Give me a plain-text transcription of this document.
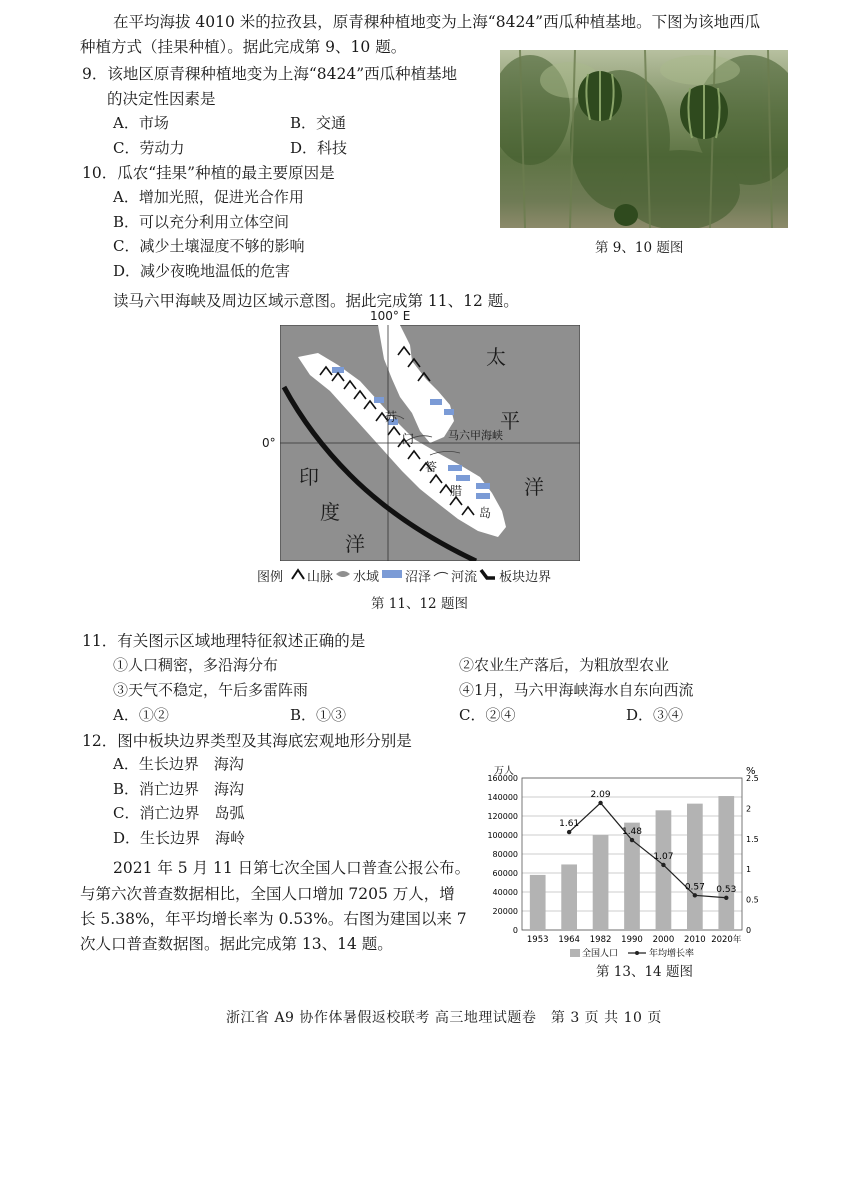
在平均海拔 4010 米的拉孜县，原青稞种植地变为上海“8424”西瓜种植基地。下图为该地西瓜
种植方式（挂果种植）。据此完成第 9、10 题。
9．该地区原青稞种植地变为上海“8424”西瓜种植基地
的决定性因素是
A．市场	B．交通
C．劳动力	D．科技
10．瓜农“挂果”种植的最主要原因是
A．增加光照，促进光合作用
B．可以充分利用立体空间
C．减少土壤湿度不够的影响
D．减少夜晚地温低的危害
第 9、10 题图
读马六甲海峡及周边区域示意图。据此完成第 11、12 题。
100° E
0°
太
平
洋
印
度
洋
苏
门
答
腊
岛
马六甲海峡
图例 山脉 水域 沼泽 河流 板块边界
第 11、12 题图
11．有关图示区域地理特征叙述正确的是
①人口稠密，多沿海分布	②农业生产落后，为粗放型农业
③天气不稳定，午后多雷阵雨	④1月，马六甲海峡海水自东向西流
A．①②	B．①③	C．②④	D．③④
12．图中板块边界类型及其海底宏观地形分别是
A．生长边界　海沟
B．消亡边界　海沟
C．消亡边界　岛弧
D．生长边界　海岭
2021 年 5 月 11 日第七次全国人口普查公报公布。
与第六次普查数据相比，全国人口增加 7205 万人，增
长 5.38%，年平均增长率为 0.53%。右图为建国以来 7
次人口普查数据图。据此完成第 13、14 题。
万人	%
0
20000
40000
60000
80000
100000
120000
140000
160000
0
0.5
1
1.5
2
2.5
1953 1964 1982 1990 2000 2010 2020年
1.61
2.09
1.48
1.07
0.57 0.53
全国人口	年均增长率
第 13、14 题图
浙江省 A9 协作体暑假返校联考 高三地理试题卷　第 3 页 共 10 页
